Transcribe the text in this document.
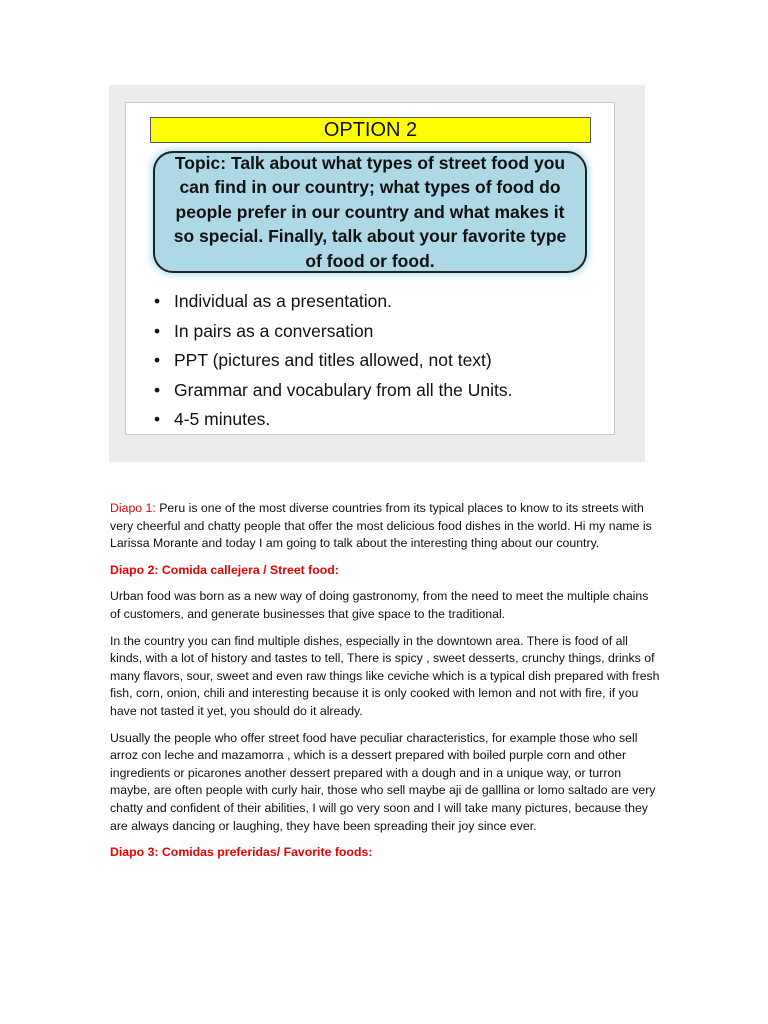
OPTION 2
Topic: Talk about what types of street food you can find in our country; what types of food do people prefer in our country and what makes it so special. Finally, talk about your favorite type of food or food.
• Individual as a presentation.
• In pairs as a conversation
• PPT (pictures and titles allowed, not text)
• Grammar and vocabulary from all the Units.
• 4-5 minutes.

Diapo 1: Peru is one of the most diverse countries from its typical places to know to its streets with very cheerful and chatty people that offer the most delicious food dishes in the world. Hi my name is Larissa Morante and today I am going to talk about the interesting thing about our country.

Diapo 2: Comida callejera / Street food:

Urban food was born as a new way of doing gastronomy, from the need to meet the multiple chains of customers, and generate businesses that give space to the traditional.

In the country you can find multiple dishes, especially in the downtown area. There is food of all kinds, with a lot of history and tastes to tell, There is spicy , sweet desserts, crunchy things, drinks of many flavors, sour, sweet and even raw things like ceviche which is a typical dish prepared with fresh fish, corn, onion, chili and interesting because it is only cooked with lemon and not with fire, if you have not tasted it yet, you should do it already.

Usually the people who offer street food have peculiar characteristics, for example those who sell arroz con leche and mazamorra , which is a dessert prepared with boiled purple corn and other ingredients or picarones another dessert prepared with a dough and in a unique way, or turron maybe, are often people with curly hair, those who sell maybe aji de galllina or lomo saltado are very chatty and confident of their abilities, I will go very soon and I will take many pictures, because they are always dancing or laughing, they have been spreading their joy since ever.

Diapo 3: Comidas preferidas/ Favorite foods:
